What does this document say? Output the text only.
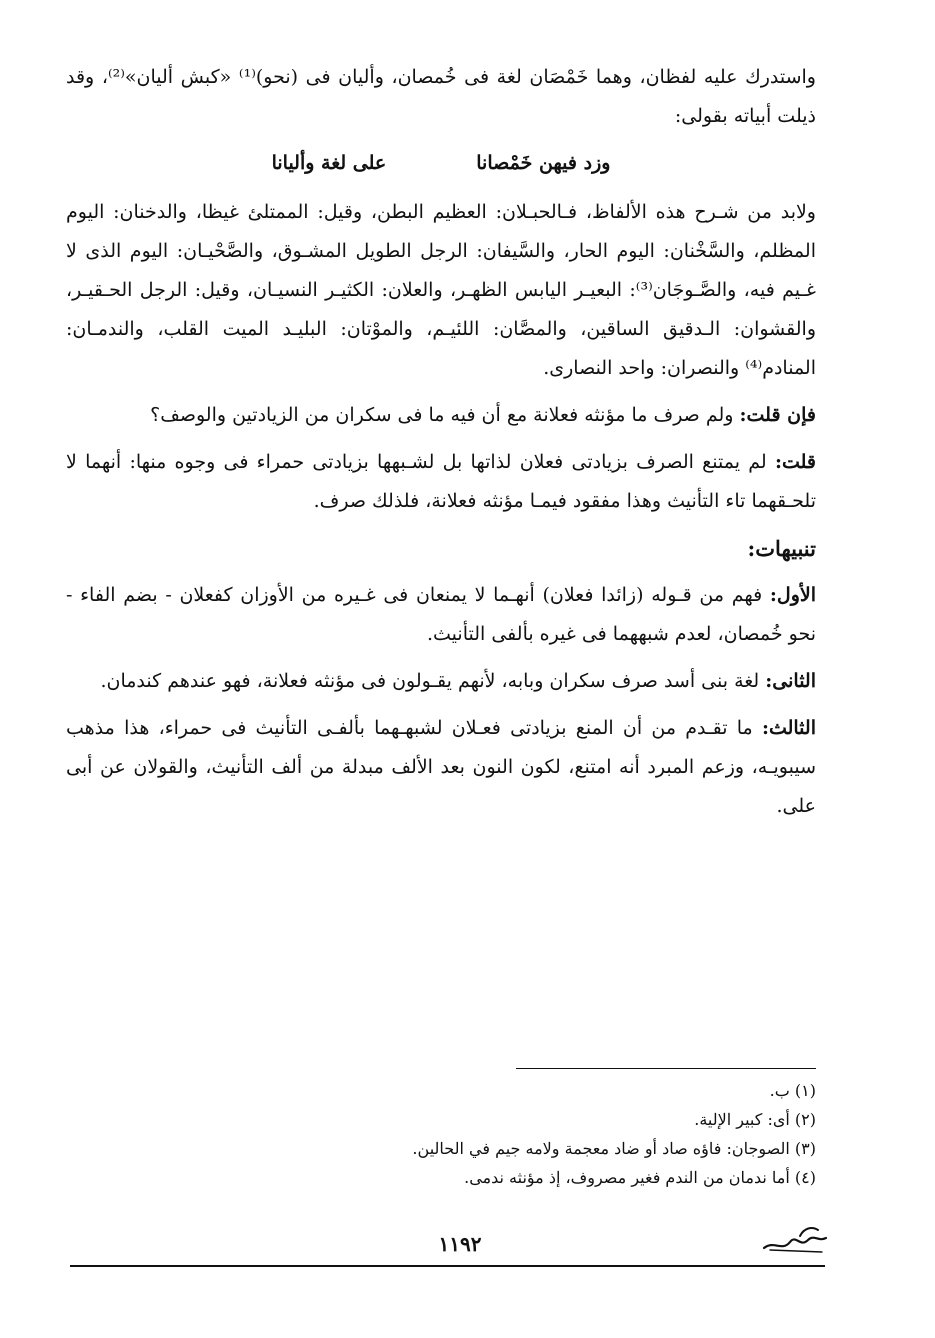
واستدرك عليه لفظان، وهما خَمْصَان لغة فى خُمصان، وأليان فى (نحو)⁽¹⁾ «كبش أليان»⁽²⁾، وقد ذيلت أبياته بقولى:

وزد فيهن خَمْصانا
على لغة وأليانا

ولابد من شـرح هذه الألفاظ، فـالحبـلان: العظيم البطن، وقيل: الممتلئ غيظا، والدخنان: اليوم المظلم، والسَّخْنان: اليوم الحار، والسَّيفان: الرجل الطويل المشـوق، والصَّحْيـان: اليوم الذى لا غـيم فيه، والصَّـوجَان⁽³⁾: البعيـر اليابس الظهـر، والعلان: الكثيـر النسيـان، وقيل: الرجل الحـقيـر، والقشوان: الـدقيق الساقين، والمصَّان: اللئيـم، والموْتان: البليـد الميت القلب، والندمـان: المنادم⁽⁴⁾ والنصران: واحد النصارى.

فإن قلت: ولم صرف ما مؤنثه فعلانة مع أن فيه ما فى سكران من الزيادتين والوصف؟

قلت: لم يمتنع الصرف بزيادتى فعلان لذاتها بل لشـبهها بزيادتى حمراء فى وجوه منها: أنهما لا تلحـقهما تاء التأنيث وهذا مفقود فيمـا مؤنثه فعلانة، فلذلك صرف.

تنبيهات:

الأول: فهم من قـوله (زائدا فعلان) أنهـما لا يمنعان فى غـيره من الأوزان كفعلان - بضم الفاء - نحو خُمصان، لعدم شبههما فى غيره بألفى التأنيث.

الثانى: لغة بنى أسد صرف سكران وبابه، لأنهم يقـولون فى مؤنثه فعلانة، فهو عندهم كندمان.

الثالث: ما تقـدم من أن المنع بزيادتى فعـلان لشبهـهما بألفـى التأنيث فى حمراء، هذا مذهب سيبويـه، وزعم المبرد أنه امتنع، لكون النون بعد الألف مبدلة من ألف التأنيث، والقولان عن أبى على.

(١) ب.

(٢) أى: كبير الإلية.

(٣) الصوجان: فاؤه صاد أو ضاد معجمة ولامه جيم في الحالين.

(٤) أما ندمان من الندم فغير مصروف، إذ مؤنثه ندمى.

١١٩٢
